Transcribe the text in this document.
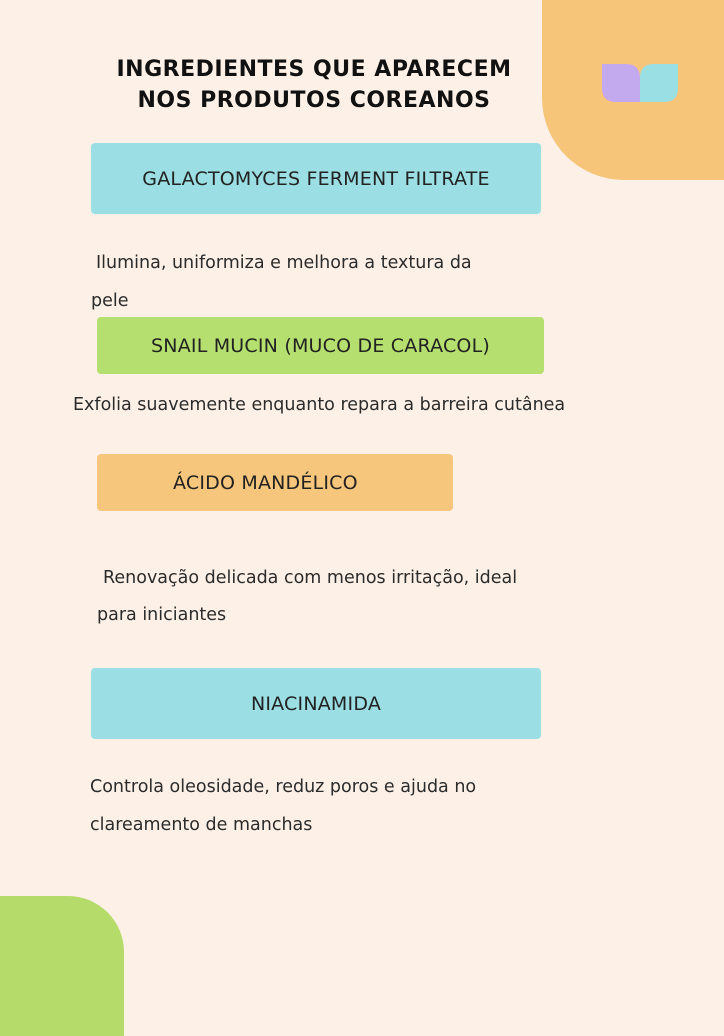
INGREDIENTES QUE APARECEM
NOS PRODUTOS COREANOS
GALACTOMYCES FERMENT FILTRATE

Ilumina, uniformiza e melhora a textura da
pele

SNAIL MUCIN (MUCO DE CARACOL)

Exfolia suavemente enquanto repara a barreira cutânea

ÁCIDO MANDÉLICO

Renovação delicada com menos irritação, ideal
para iniciantes

NIACINAMIDA

Controla oleosidade, reduz poros e ajuda no
clareamento de manchas
